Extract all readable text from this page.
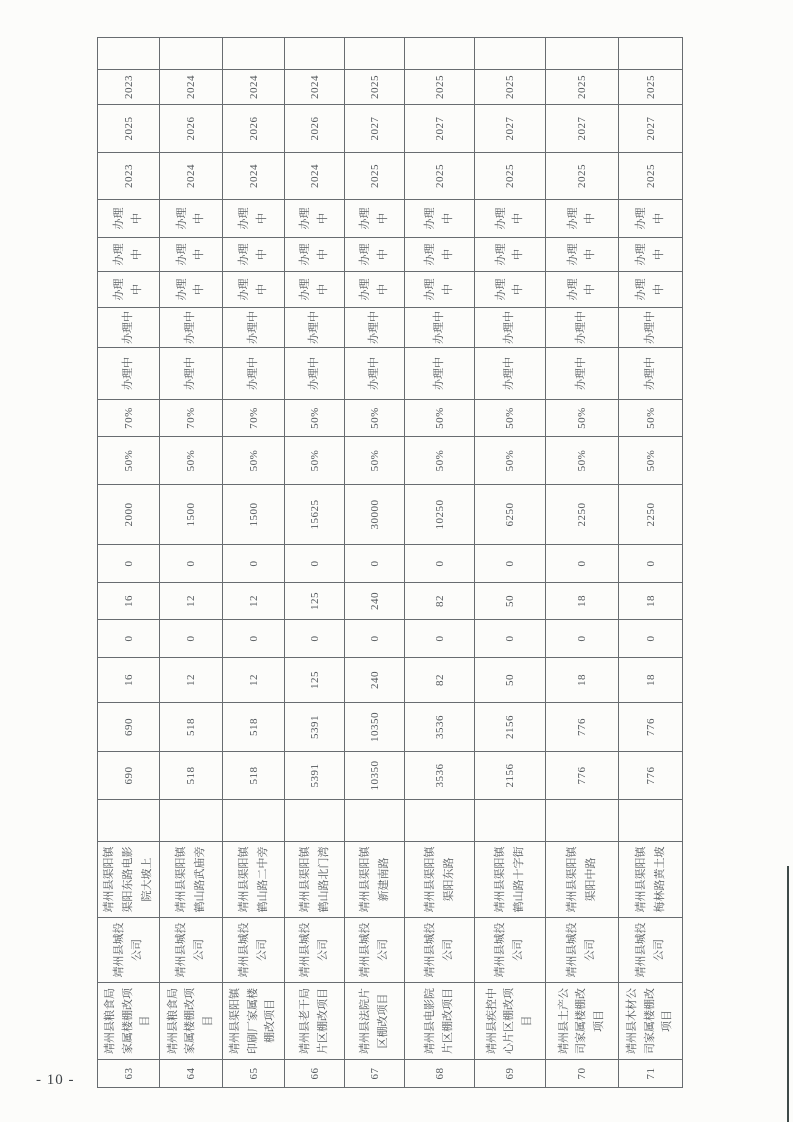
63	靖州县粮食局家属楼棚改项目	靖州县城投公司	靖州县渠阳镇渠阳东路电影院大坡上		690	690	16	0	16	0	2000	50%	70%	办理中	办理中	办理中	办理中	办理中	2023	2025	2023	
64	靖州县粮食局家属楼棚改项目	靖州县城投公司	靖州县渠阳镇鹤山路武庙旁		518	518	12	0	12	0	1500	50%	70%	办理中	办理中	办理中	办理中	办理中	2024	2026	2024	
65	靖州县渠阳镇印刷厂家属楼棚改项目	靖州县城投公司	靖州县渠阳镇鹤山路二中旁		518	518	12	0	12	0	1500	50%	70%	办理中	办理中	办理中	办理中	办理中	2024	2026	2024	
66	靖州县老干局片区棚改项目	靖州县城投公司	靖州县渠阳镇鹤山路北门湾		5391	5391	125	0	125	0	15625	50%	50%	办理中	办理中	办理中	办理中	办理中	2024	2026	2024	
67	靖州县法院片区棚改项目	靖州县城投公司	靖州县渠阳镇新建南路		10350	10350	240	0	240	0	30000	50%	50%	办理中	办理中	办理中	办理中	办理中	2025	2027	2025	
68	靖州县电影院片区棚改项目	靖州县城投公司	靖州县渠阳镇渠阳东路		3536	3536	82	0	82	0	10250	50%	50%	办理中	办理中	办理中	办理中	办理中	2025	2027	2025	
69	靖州县疾控中心片区棚改项目	靖州县城投公司	靖州县渠阳镇鹤山路十字街		2156	2156	50	0	50	0	6250	50%	50%	办理中	办理中	办理中	办理中	办理中	2025	2027	2025	
70	靖州县土产公司家属楼棚改项目	靖州县城投公司	靖州县渠阳镇渠阳中路		776	776	18	0	18	0	2250	50%	50%	办理中	办理中	办理中	办理中	办理中	2025	2027	2025	
71	靖州县木材公司家属楼棚改项目	靖州县城投公司	靖州县渠阳镇梅林路黄土坡		776	776	18	0	18	0	2250	50%	50%	办理中	办理中	办理中	办理中	办理中	2025	2027	2025	
- 10 -
